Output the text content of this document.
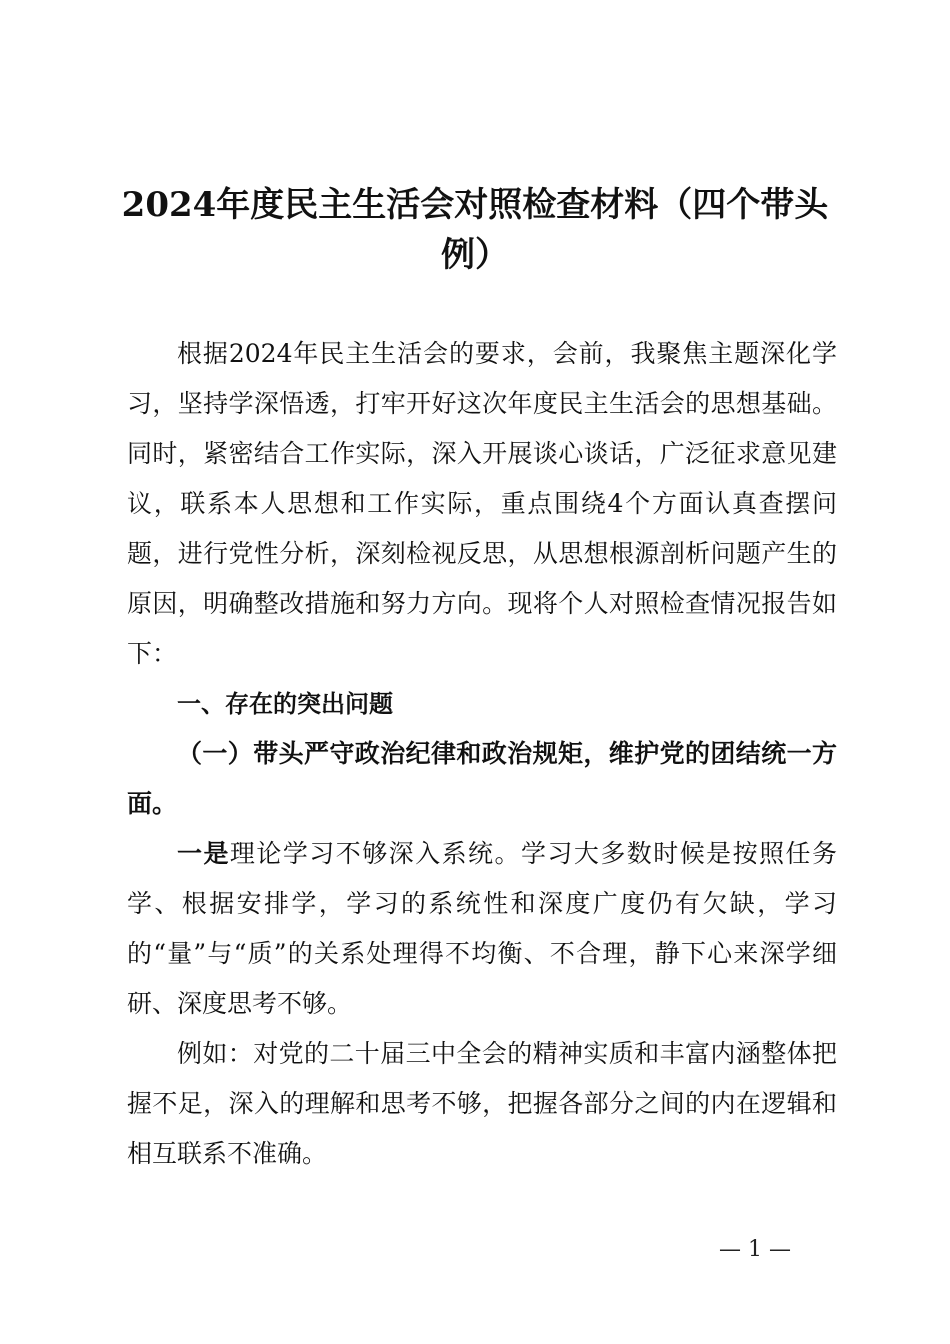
2024年度民主生活会对照检查材料（四个带头例）

根据2024年民主生活会的要求，会前，我聚焦主题深化学习，坚持学深悟透，打牢开好这次年度民主生活会的思想基础。同时，紧密结合工作实际，深入开展谈心谈话，广泛征求意见建议，联系本人思想和工作实际，重点围绕4个方面认真查摆问题，进行党性分析，深刻检视反思，从思想根源剖析问题产生的原因，明确整改措施和努力方向。现将个人对照检查情况报告如下：

一、存在的突出问题

（一）带头严守政治纪律和政治规矩，维护党的团结统一方面。

一是理论学习不够深入系统。学习大多数时候是按照任务学、根据安排学，学习的系统性和深度广度仍有欠缺，学习的“量”与“质”的关系处理得不均衡、不合理，静下心来深学细研、深度思考不够。

例如：对党的二十届三中全会的精神实质和丰富内涵整体把握不足，深入的理解和思考不够，把握各部分之间的内在逻辑和相互联系不准确。

— 1 —
